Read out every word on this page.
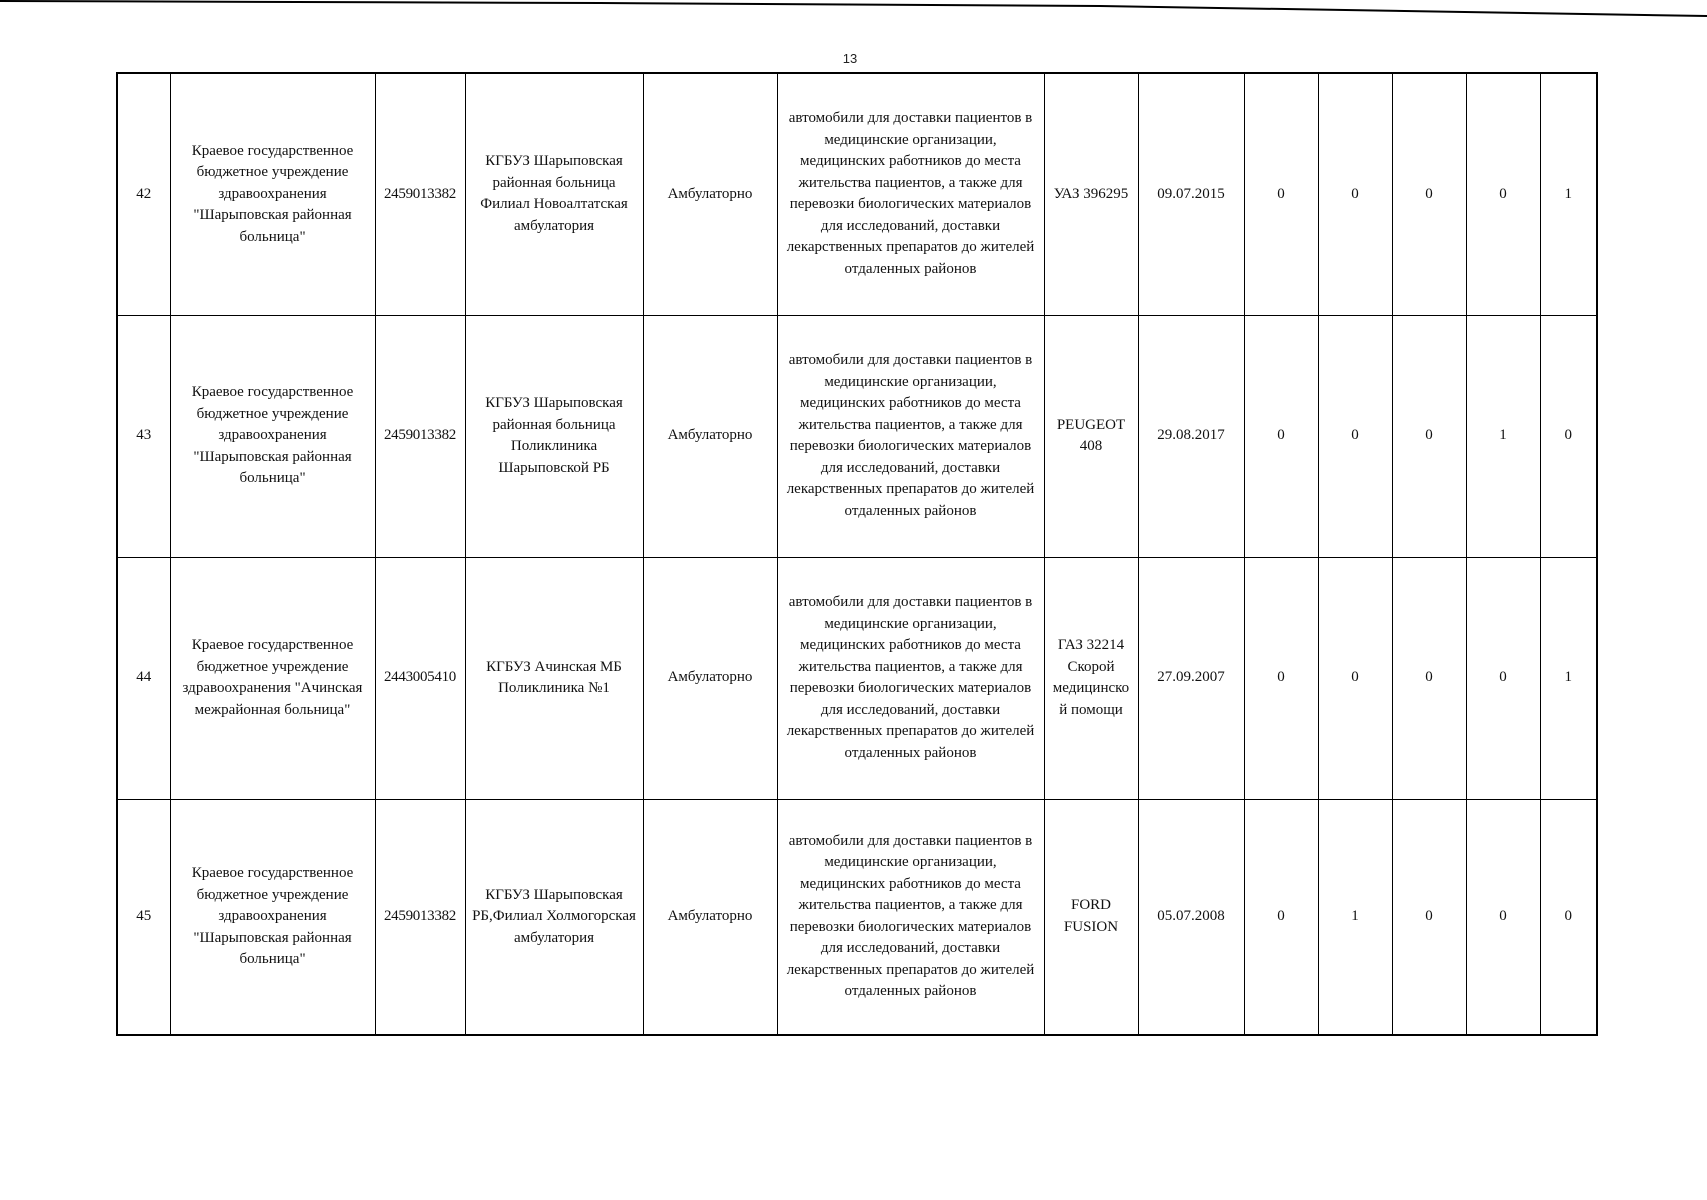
13
42	Краевое государственное бюджетное учреждение здравоохранения "Шарыповская районная больница"	2459013382	КГБУЗ Шарыповская районная больница Филиал Новоалтатская амбулатория	Амбулаторно	автомобили для доставки пациентов в медицинские организации, медицинских работников до места жительства пациентов, а также для перевозки биологических материалов для исследований, доставки лекарственных препаратов до жителей отдаленных районов	УАЗ 396295	09.07.2015	0	0	0	0	1
43	Краевое государственное бюджетное учреждение здравоохранения "Шарыповская районная больница"	2459013382	КГБУЗ Шарыповская районная больница Поликлиника Шарыповской РБ	Амбулаторно	автомобили для доставки пациентов в медицинские организации, медицинских работников до места жительства пациентов, а также для перевозки биологических материалов для исследований, доставки лекарственных препаратов до жителей отдаленных районов	PEUGEOT 408	29.08.2017	0	0	0	1	0
44	Краевое государственное бюджетное учреждение здравоохранения "Ачинская межрайонная больница"	2443005410	КГБУЗ Ачинская МБ Поликлиника №1	Амбулаторно	автомобили для доставки пациентов в медицинские организации, медицинских работников до места жительства пациентов, а также для перевозки биологических материалов для исследований, доставки лекарственных препаратов до жителей отдаленных районов	ГАЗ 32214 Скорой медицинско й помощи	27.09.2007	0	0	0	0	1
45	Краевое государственное бюджетное учреждение здравоохранения "Шарыповская районная больница"	2459013382	КГБУЗ Шарыповская РБ,Филиал Холмогорская амбулатория	Амбулаторно	автомобили для доставки пациентов в медицинские организации, медицинских работников до места жительства пациентов, а также для перевозки биологических материалов для исследований, доставки лекарственных препаратов до жителей отдаленных районов	FORD FUSION	05.07.2008	0	1	0	0	0
